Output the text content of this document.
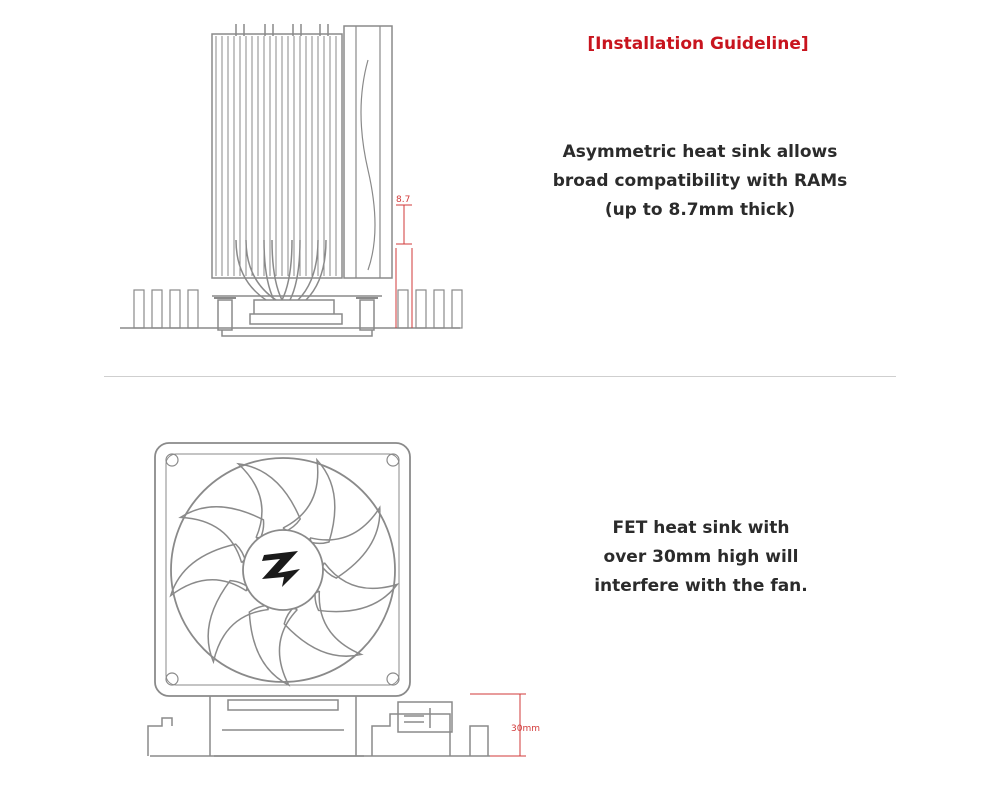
[Installation Guideline]
Asymmetric heat sink allows
broad compatibility with RAMs
(up to 8.7mm thick)
FET heat sink with
over 30mm high will
interfere with the fan.
8.7
30mm
